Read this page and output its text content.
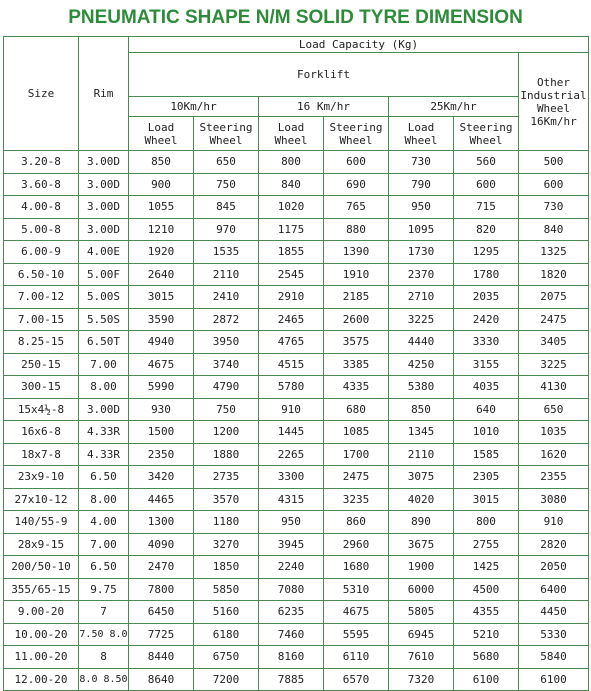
PNEUMATIC SHAPE N/M SOLID TYRE DIMENSION
Size	Rim	Load Capacity (Kg)						
		Forklift						Other Industrial Wheel 16Km/hr
		10Km/hr		16 Km/hr		25Km/hr		
		Load Wheel	Steering Wheel	Load Wheel	Steering Wheel	Load Wheel	Steering Wheel	
3.20-8	3.00D	850	650	800	600	730	560	500
3.60-8	3.00D	900	750	840	690	790	600	600
4.00-8	3.00D	1055	845	1020	765	950	715	730
5.00-8	3.00D	1210	970	1175	880	1095	820	840
6.00-9	4.00E	1920	1535	1855	1390	1730	1295	1325
6.50-10	5.00F	2640	2110	2545	1910	2370	1780	1820
7.00-12	5.00S	3015	2410	2910	2185	2710	2035	2075
7.00-15	5.50S	3590	2872	2465	2600	3225	2420	2475
8.25-15	6.50T	4940	3950	4765	3575	4440	3330	3405
250-15	7.00	4675	3740	4515	3385	4250	3155	3225
300-15	8.00	5990	4790	5780	4335	5380	4035	4130
15x4½-8	3.00D	930	750	910	680	850	640	650
16x6-8	4.33R	1500	1200	1445	1085	1345	1010	1035
18x7-8	4.33R	2350	1880	2265	1700	2110	1585	1620
23x9-10	6.50	3420	2735	3300	2475	3075	2305	2355
27x10-12	8.00	4465	3570	4315	3235	4020	3015	3080
140/55-9	4.00	1300	1180	950	860	890	800	910
28x9-15	7.00	4090	3270	3945	2960	3675	2755	2820
200/50-10	6.50	2470	1850	2240	1680	1900	1425	2050
355/65-15	9.75	7800	5850	7080	5310	6000	4500	6400
9.00-20	7	6450	5160	6235	4675	5805	4355	4450
10.00-20	7.50 8.0	7725	6180	7460	5595	6945	5210	5330
11.00-20	8	8440	6750	8160	6110	7610	5680	5840
12.00-20	8.0 8.50	8640	7200	7885	6570	7320	6100	6100
